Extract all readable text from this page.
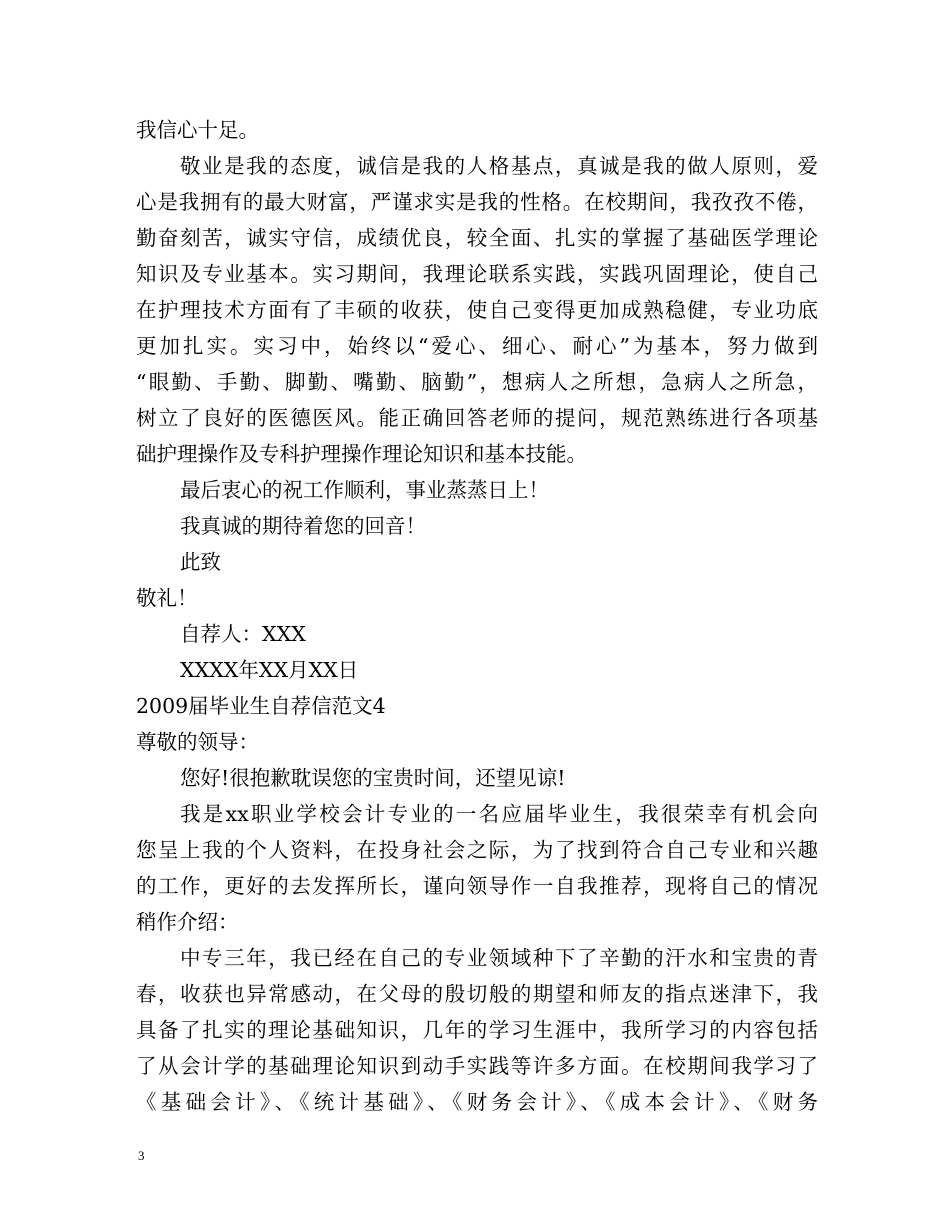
我信心十足。
敬业是我的态度，诚信是我的人格基点，真诚是我的做人原则，爱
心是我拥有的最大财富，严谨求实是我的性格。在校期间，我孜孜不倦，
勤奋刻苦，诚实守信，成绩优良，较全面、扎实的掌握了基础医学理论
知识及专业基本。实习期间，我理论联系实践，实践巩固理论，使自己
在护理技术方面有了丰硕的收获，使自己变得更加成熟稳健，专业功底
更加扎实。实习中，始终以“爱心、细心、耐心”为基本，努力做到
“眼勤、手勤、脚勤、嘴勤、脑勤”，想病人之所想，急病人之所急，
树立了良好的医德医风。能正确回答老师的提问，规范熟练进行各项基
础护理操作及专科护理操作理论知识和基本技能。
最后衷心的祝工作顺利，事业蒸蒸日上！
我真诚的期待着您的回音！
此致
敬礼！
自荐人：XXX
XXXX年XX月XX日
2009届毕业生自荐信范文4
尊敬的领导：
您好!很抱歉耽误您的宝贵时间，还望见谅!
我是xx职业学校会计专业的一名应届毕业生，我很荣幸有机会向
您呈上我的个人资料，在投身社会之际，为了找到符合自己专业和兴趣
的工作，更好的去发挥所长，谨向领导作一自我推荐，现将自己的情况
稍作介绍：
中专三年，我已经在自己的专业领域种下了辛勤的汗水和宝贵的青
春，收获也异常感动，在父母的殷切般的期望和师友的指点迷津下，我
具备了扎实的理论基础知识，几年的学习生涯中，我所学习的内容包括
了从会计学的基础理论知识到动手实践等许多方面。在校期间我学习了
《基础会计》、《统计基础》、《财务会计》、《成本会计》、《财务
3
